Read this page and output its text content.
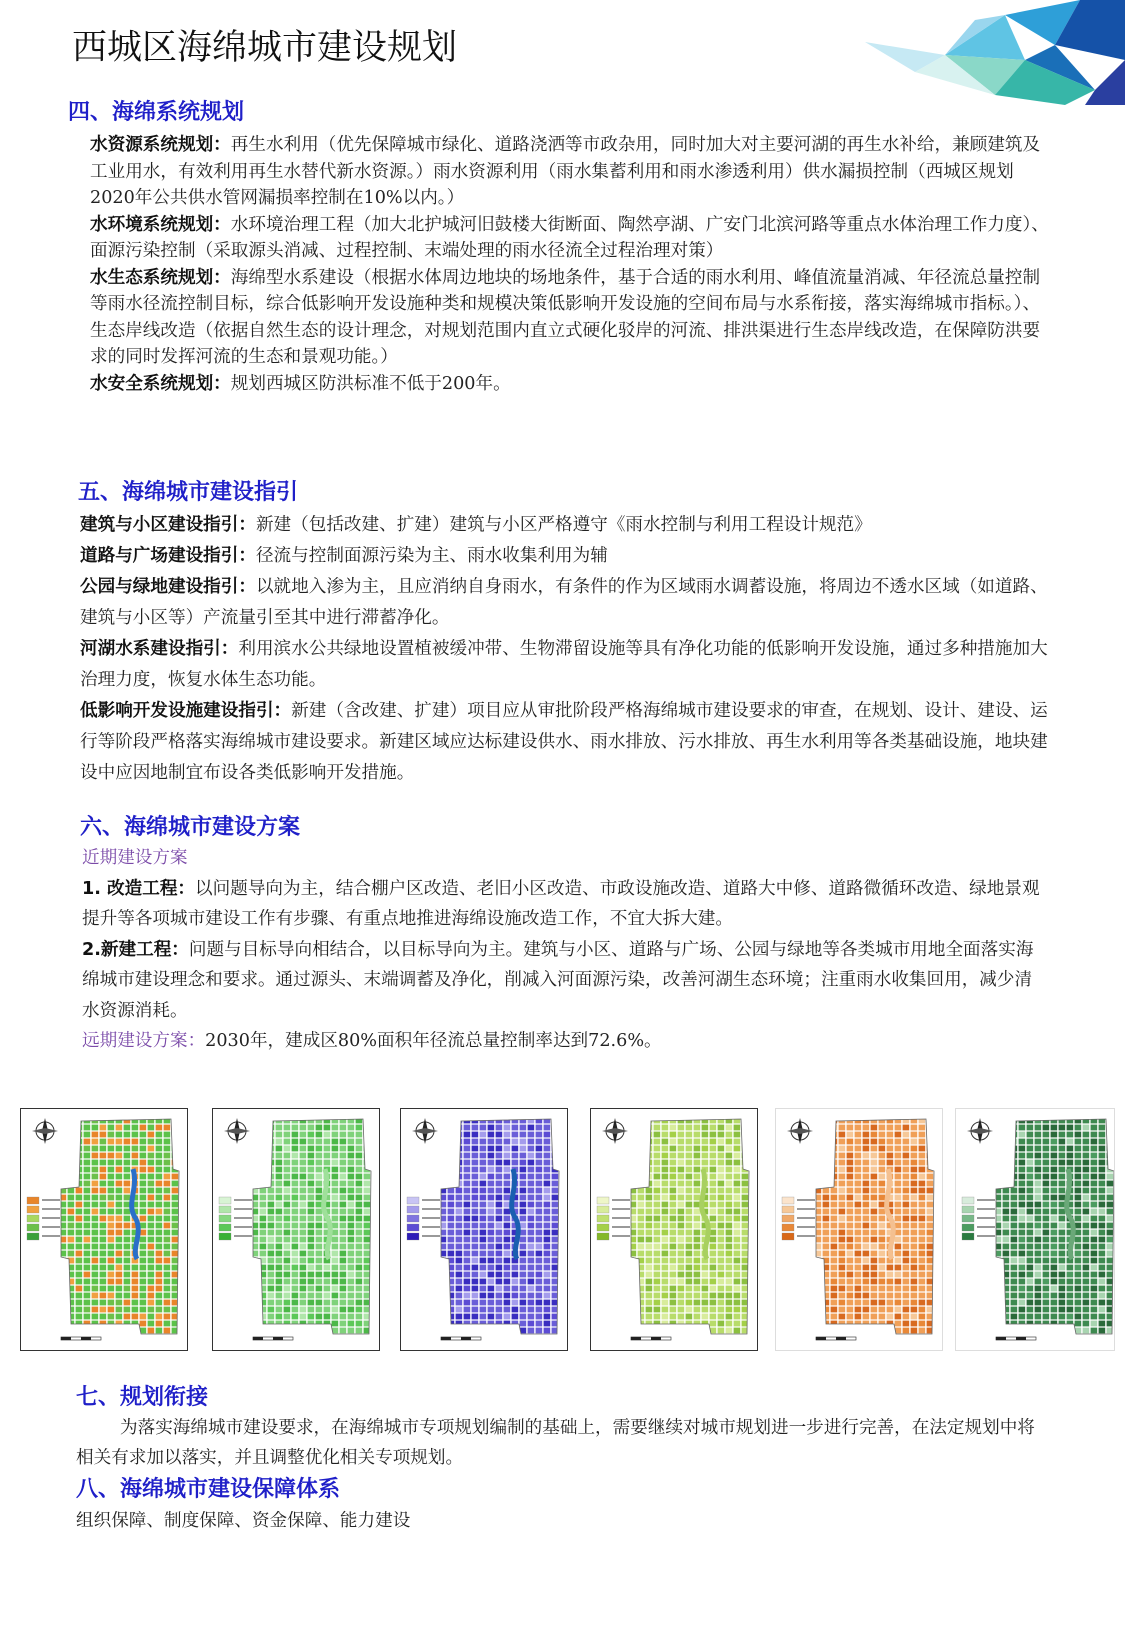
西城区海绵城市建设规划
四、海绵系统规划

水资源系统规划：再生水利用（优先保障城市绿化、道路浇洒等市政杂用，同时加大对主要河湖的再生水补给，兼顾建筑及工业用水，有效利用再生水替代新水资源。）雨水资源利用（雨水集蓄利用和雨水渗透利用）供水漏损控制（西城区规划2020年公共供水管网漏损率控制在10%以内。）
水环境系统规划：水环境治理工程（加大北护城河旧鼓楼大街断面、陶然亭湖、广安门北滨河路等重点水体治理工作力度）、面源污染控制（采取源头消减、过程控制、末端处理的雨水径流全过程治理对策）
水生态系统规划：海绵型水系建设（根据水体周边地块的场地条件，基于合适的雨水利用、峰值流量消减、年径流总量控制等雨水径流控制目标，综合低影响开发设施种类和规模决策低影响开发设施的空间布局与水系衔接，落实海绵城市指标。）、生态岸线改造（依据自然生态的设计理念，对规划范围内直立式硬化驳岸的河流、排洪渠进行生态岸线改造，在保障防洪要求的同时发挥河流的生态和景观功能。）
水安全系统规划：规划西城区防洪标准不低于200年。

五、海绵城市建设指引

建筑与小区建设指引：新建（包括改建、扩建）建筑与小区严格遵守《雨水控制与利用工程设计规范》
道路与广场建设指引：径流与控制面源污染为主、雨水收集利用为辅
公园与绿地建设指引：以就地入渗为主，且应消纳自身雨水，有条件的作为区域雨水调蓄设施，将周边不透水区域（如道路、建筑与小区等）产流量引至其中进行滞蓄净化。
河湖水系建设指引：利用滨水公共绿地设置植被缓冲带、生物滞留设施等具有净化功能的低影响开发设施，通过多种措施加大治理力度，恢复水体生态功能。
低影响开发设施建设指引：新建（含改建、扩建）项目应从审批阶段严格海绵城市建设要求的审查，在规划、设计、建设、运行等阶段严格落实海绵城市建设要求。新建区域应达标建设供水、雨水排放、污水排放、再生水利用等各类基础设施，地块建设中应因地制宜布设各类低影响开发措施。

六、海绵城市建设方案

近期建设方案
1. 改造工程：以问题导向为主，结合棚户区改造、老旧小区改造、市政设施改造、道路大中修、道路微循环改造、绿地景观提升等各项城市建设工作有步骤、有重点地推进海绵设施改造工作，不宜大拆大建。
2.新建工程：问题与目标导向相结合，以目标导向为主。建筑与小区、道路与广场、公园与绿地等各类城市用地全面落实海绵城市建设理念和要求。通过源头、末端调蓄及净化，削减入河面源污染，改善河湖生态环境；注重雨水收集回用，减少清水资源消耗。
远期建设方案：2030年，建成区80%面积年径流总量控制率达到72.6%。

七、规划衔接

为落实海绵城市建设要求，在海绵城市专项规划编制的基础上，需要继续对城市规划进一步进行完善，在法定规划中将相关有求加以落实，并且调整优化相关专项规划。

八、海绵城市建设保障体系

组织保障、制度保障、资金保障、能力建设
